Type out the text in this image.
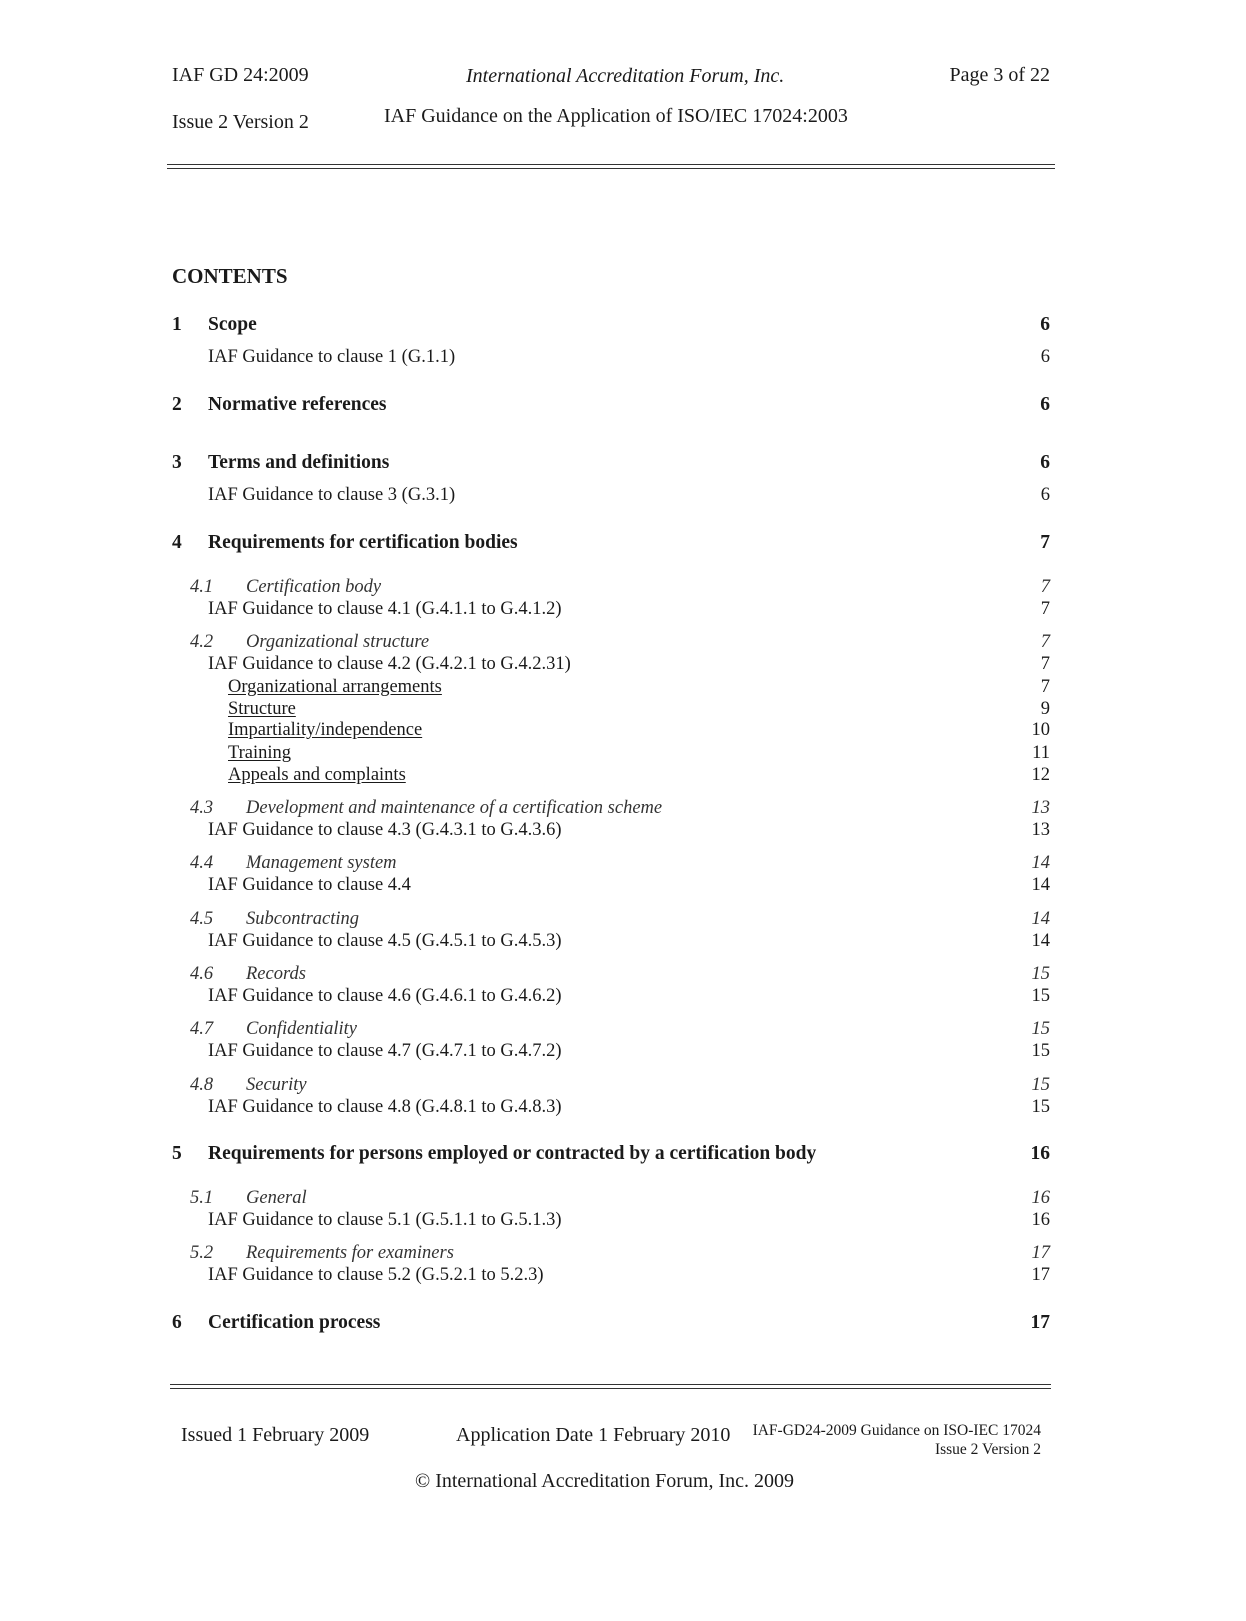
IAF GD 24:2009	International Accreditation Forum, Inc.	Page 3 of 22
Issue 2 Version 2	IAF Guidance on the Application of ISO/IEC 17024:2003
CONTENTS
1 Scope	6
IAF Guidance to clause 1 (G.1.1)	6
2 Normative references	6
3 Terms and definitions	6
IAF Guidance to clause 3 (G.3.1)	6
4 Requirements for certification bodies	7
4.1 Certification body	7
IAF Guidance to clause 4.1 (G.4.1.1 to G.4.1.2)	7
4.2 Organizational structure	7
IAF Guidance to clause 4.2 (G.4.2.1 to G.4.2.31)	7
Organizational arrangements	7
Structure	9
Impartiality/independence	10
Training	11
Appeals and complaints	12
4.3 Development and maintenance of a certification scheme	13
IAF Guidance to clause 4.3 (G.4.3.1 to G.4.3.6)	13
4.4 Management system	14
IAF Guidance to clause 4.4	14
4.5 Subcontracting	14
IAF Guidance to clause 4.5 (G.4.5.1 to G.4.5.3)	14
4.6 Records	15
IAF Guidance to clause 4.6 (G.4.6.1 to G.4.6.2)	15
4.7 Confidentiality	15
IAF Guidance to clause 4.7 (G.4.7.1 to G.4.7.2)	15
4.8 Security	15
IAF Guidance to clause 4.8 (G.4.8.1 to G.4.8.3)	15
5 Requirements for persons employed or contracted by a certification body	16
5.1 General	16
IAF Guidance to clause 5.1 (G.5.1.1 to G.5.1.3)	16
5.2 Requirements for examiners	17
IAF Guidance to clause 5.2 (G.5.2.1 to 5.2.3)	17
6 Certification process	17
Issued 1 February 2009	Application Date 1 February 2010 IAF-GD24-2009 Guidance on ISO-IEC 17024
Issue 2 Version 2
© International Accreditation Forum, Inc. 2009
